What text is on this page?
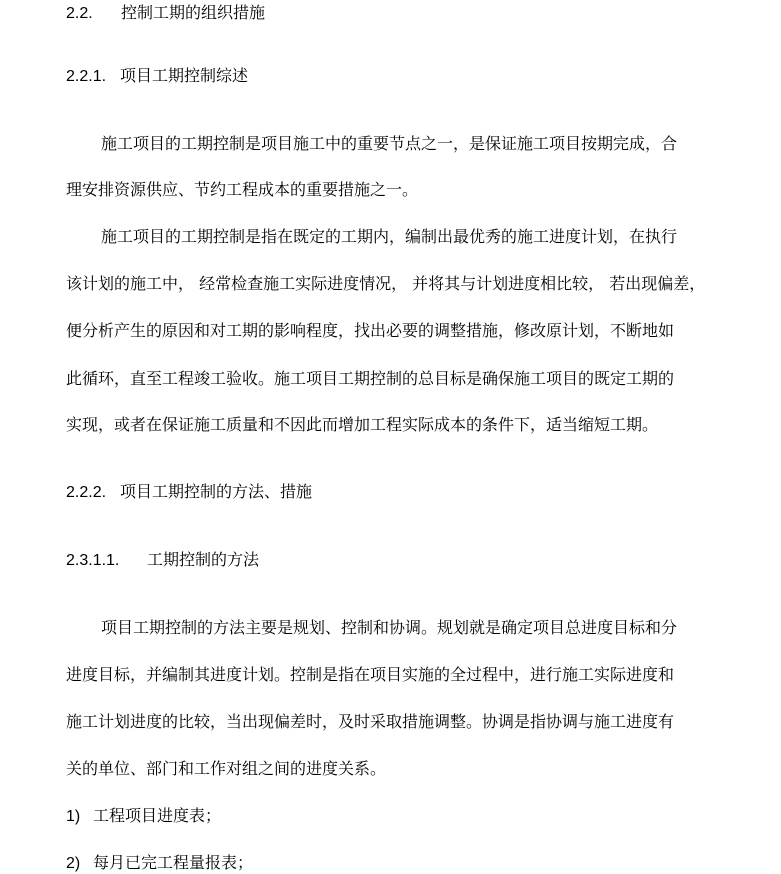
2.2. 控制工期的组织措施
2.2.1. 项目工期控制综述
施工项目的工期控制是项目施工中的重要节点之一，是保证施工项目按期完成，合
理安排资源供应、节约工程成本的重要措施之一。
施工项目的工期控制是指在既定的工期内，编制出最优秀的施工进度计划，在执行
该计划的施工中， 经常检查施工实际进度情况， 并将其与计划进度相比较， 若出现偏差，
便分析产生的原因和对工期的影响程度，找出必要的调整措施，修改原计划，不断地如
此循环，直至工程竣工验收。施工项目工期控制的总目标是确保施工项目的既定工期的
实现，或者在保证施工质量和不因此而增加工程实际成本的条件下，适当缩短工期。
2.2.2. 项目工期控制的方法、措施
2.3.1.1. 工期控制的方法
项目工期控制的方法主要是规划、控制和协调。规划就是确定项目总进度目标和分
进度目标，并编制其进度计划。控制是指在项目实施的全过程中，进行施工实际进度和
施工计划进度的比较，当出现偏差时，及时采取措施调整。协调是指协调与施工进度有
关的单位、部门和工作对组之间的进度关系。
1) 工程项目进度表；
2) 每月已完工程量报表；
